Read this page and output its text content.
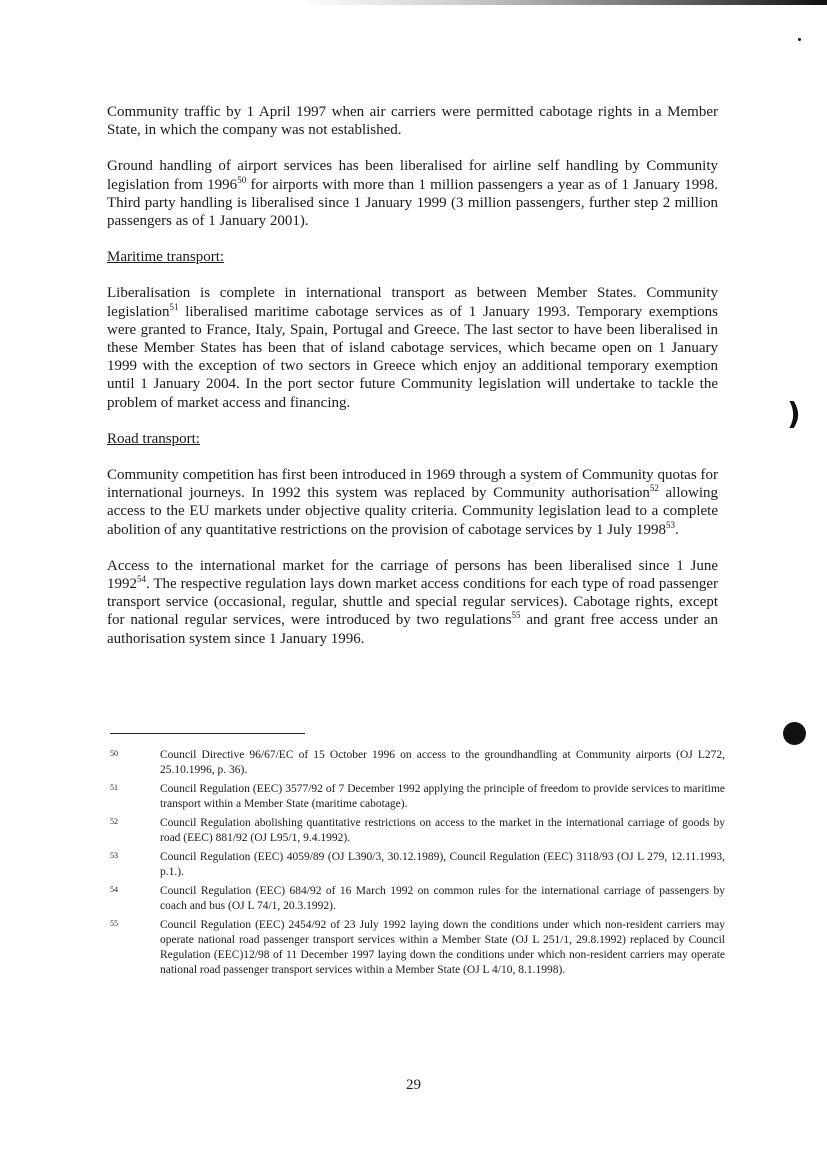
)

Community traffic by 1 April 1997 when air carriers were permitted cabotage rights in a Member State, in which the company was not established.

Ground handling of airport services has been liberalised for airline self handling by Community legislation from 1996$^{50}$ for airports with more than 1 million passengers a year as of 1 January 1998. Third party handling is liberalised since 1 January 1999 (3 million passengers, further step 2 million passengers as of 1 January 2001).

Maritime transport:

Liberalisation is complete in international transport as between Member States. Community legislation$^{51}$ liberalised maritime cabotage services as of 1 January 1993. Temporary exemptions were granted to France, Italy, Spain, Portugal and Greece. The last sector to have been liberalised in these Member States has been that of island cabotage services, which became open on 1 January 1999 with the exception of two sectors in Greece which enjoy an additional temporary exemption until 1 January 2004. In the port sector future Community legislation will undertake to tackle the problem of market access and financing.

Road transport:

Community competition has first been introduced in 1969 through a system of Community quotas for international journeys. In 1992 this system was replaced by Community authorisation$^{52}$ allowing access to the EU markets under objective quality criteria. Community legislation lead to a complete abolition of any quantitative restrictions on the provision of cabotage services by 1 July 1998$^{53}$.

Access to the international market for the carriage of persons has been liberalised since 1 June 1992$^{54}$. The respective regulation lays down market access conditions for each type of road passenger transport service (occasional, regular, shuttle and special regular services). Cabotage rights, except for national regular services, were introduced by two regulations$^{55}$ and grant free access under an authorisation system since 1 January 1996.

50	Council Directive 96/67/EC of 15 October 1996 on access to the groundhandling at Community airports (OJ L272, 25.10.1996, p. 36).
51	Council Regulation (EEC) 3577/92 of 7 December 1992 applying the principle of freedom to provide services to maritime transport within a Member State (maritime cabotage).
52	Council Regulation abolishing quantitative restrictions on access to the market in the international carriage of goods by road (EEC) 881/92 (OJ L95/1, 9.4.1992).
53	Council Regulation (EEC) 4059/89 (OJ L390/3, 30.12.1989), Council Regulation (EEC) 3118/93 (OJ L 279, 12.11.1993, p.1.).
54	Council Regulation (EEC) 684/92 of 16 March 1992 on common rules for the international carriage of passengers by coach and bus (OJ L 74/1, 20.3.1992).
55	Council Regulation (EEC) 2454/92 of 23 July 1992 laying down the conditions under which non-resident carriers may operate national road passenger transport services within a Member State (OJ L 251/1, 29.8.1992) replaced by Council Regulation (EEC)12/98 of 11 December 1997 laying down the conditions under which non-resident carriers may operate national road passenger transport services within a Member State (OJ L 4/10, 8.1.1998).
29
